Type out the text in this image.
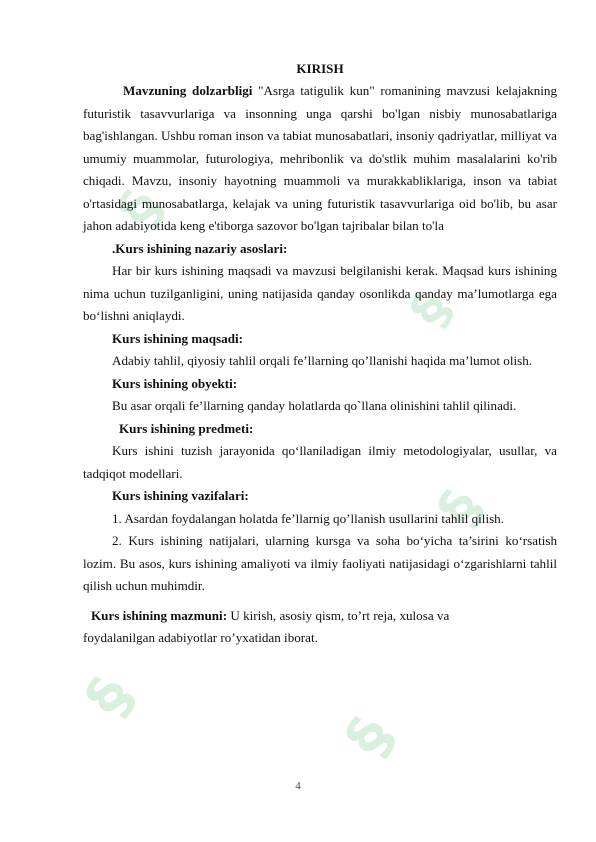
§
§
§
§
§

KIRISH

Mavzuning dolzarbligi "Asrga tatigulik kun" romanining mavzusi kelajakning futuristik tasavvurlariga va insonning unga qarshi bo'lgan nisbiy munosabatlariga bag'ishlangan. Ushbu roman inson va tabiat munosabatlari, insoniy qadriyatlar, milliyat va umumiy muammolar, futurologiya, mehribonlik va do'stlik muhim masalalarini ko'rib chiqadi. Mavzu, insoniy hayotning muammoli va murakkabliklariga, inson va tabiat o'rtasidagi munosabatlarga, kelajak va uning futuristik tasavvurlariga oid bo'lib, bu asar jahon adabiyotida keng e'tiborga sazovor bo'lgan tajribalar bilan to'la

.Kurs ishining nazariy asoslari:

Har bir kurs ishining maqsadi va mavzusi belgilanishi kerak. Maqsad kurs ishining nima uchun tuzilganligini, uning natijasida qanday osonlikda qanday ma’lumotlarga ega bo‘lishni aniqlaydi.

Kurs ishining maqsadi:

Adabiy tahlil, qiyosiy tahlil orqali fe’llarning qo’llanishi haqida ma’lumot olish.

Kurs ishining obyekti:

Bu asar orqali fe’llarning qanday holatlarda qo`llana olinishini tahlil qilinadi.

Kurs ishining predmeti:

Kurs ishini tuzish jarayonida qo‘llaniladigan ilmiy metodologiyalar, usullar, va tadqiqot modellari.

Kurs ishining vazifalari:

1. Asardan foydalangan holatda fe’llarnig qo’llanish usullarini tahlil qilish.

2. Kurs ishining natijalari, ularning kursga va soha bo‘yicha ta’sirini ko‘rsatish lozim. Bu asos, kurs ishining amaliyoti va ilmiy faoliyati natijasidagi o‘zgarishlarni tahlil qilish uchun muhimdir.

Kurs ishining mazmuni: U kirish, asosiy qism, to’rt reja, xulosa va

foydalanilgan adabiyotlar ro’yxatidan iborat.

4
